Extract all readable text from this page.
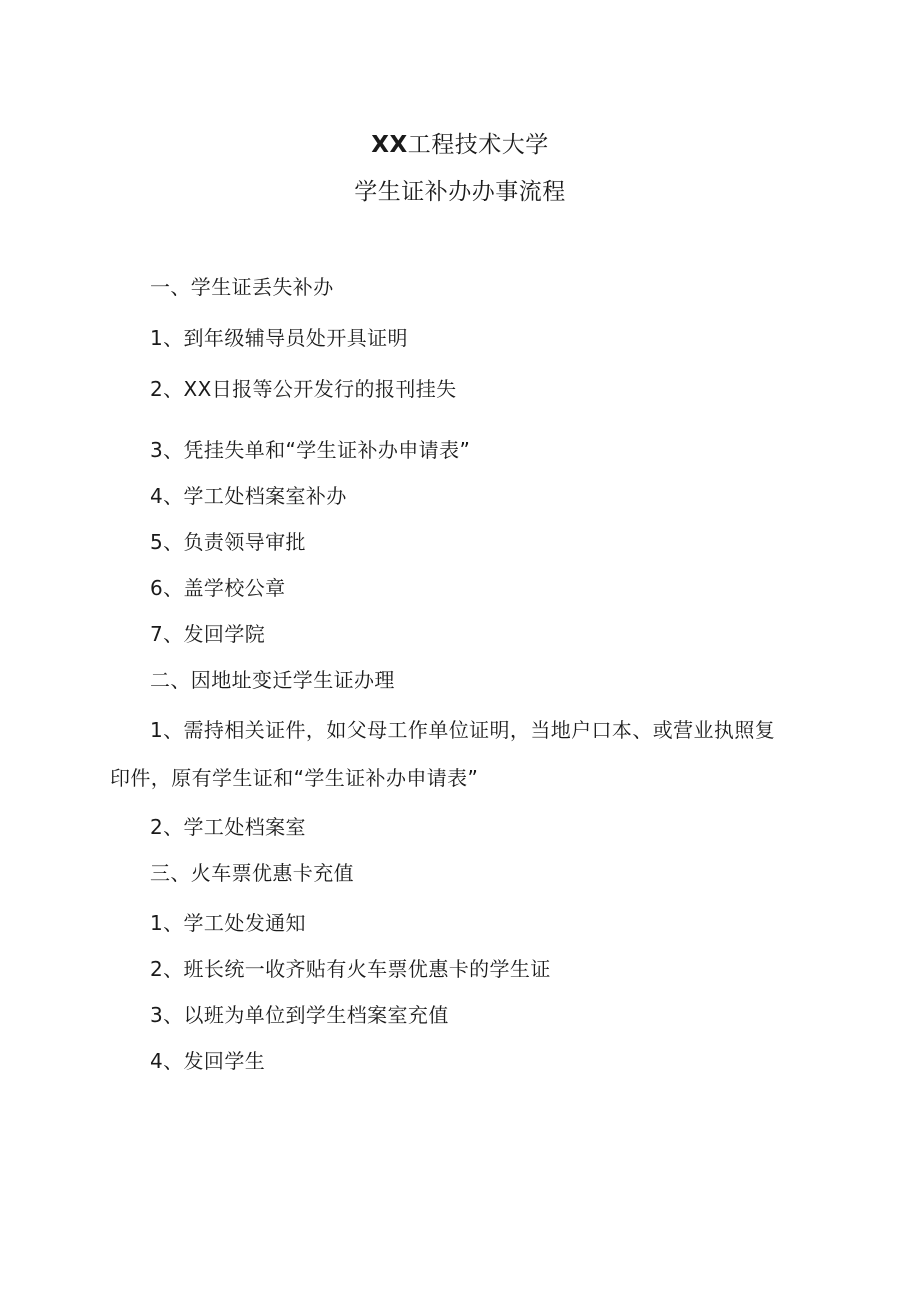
XX工程技术大学
学生证补办办事流程
一、学生证丢失补办
1、到年级辅导员处开具证明
2、XX日报等公开发行的报刊挂失
3、凭挂失单和“学生证补办申请表”
4、学工处档案室补办
5、负责领导审批
6、盖学校公章
7、发回学院
二、因地址变迁学生证办理
1、需持相关证件，如父母工作单位证明，当地户口本、或营业执照复
印件，原有学生证和“学生证补办申请表”
2、学工处档案室
三、火车票优惠卡充值
1、学工处发通知
2、班长统一收齐贴有火车票优惠卡的学生证
3、以班为单位到学生档案室充值
4、发回学生
